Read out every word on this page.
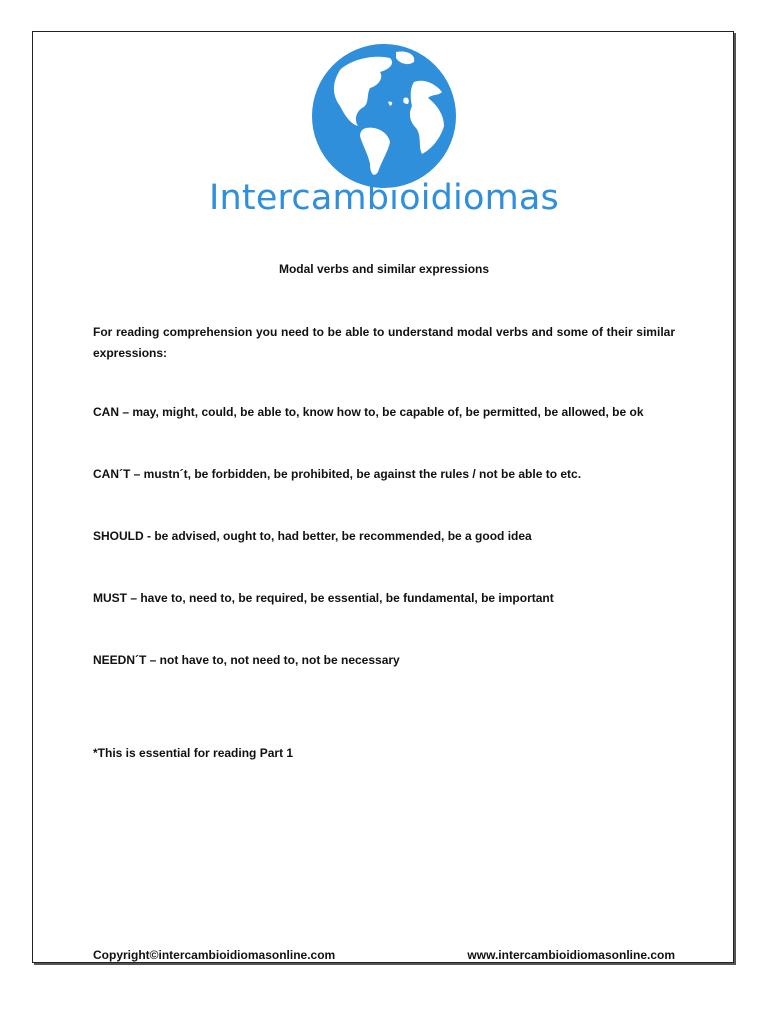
Intercambioidiomas
Modal verbs and similar expressions
For reading comprehension you need to be able to understand modal verbs and some of their similar expressions:
CAN – may, might, could, be able to, know how to, be capable of, be permitted, be allowed, be ok
CAN´T – mustn´t, be forbidden, be prohibited, be against the rules / not be able to etc.
SHOULD - be advised, ought to, had better, be recommended, be a good idea
MUST – have to, need to, be required, be essential, be fundamental, be important
NEEDN´T – not have to, not need to, not be necessary
*This is essential for reading Part 1
Copyright©intercambioidiomasonline.com	www.intercambioidiomasonline.com
